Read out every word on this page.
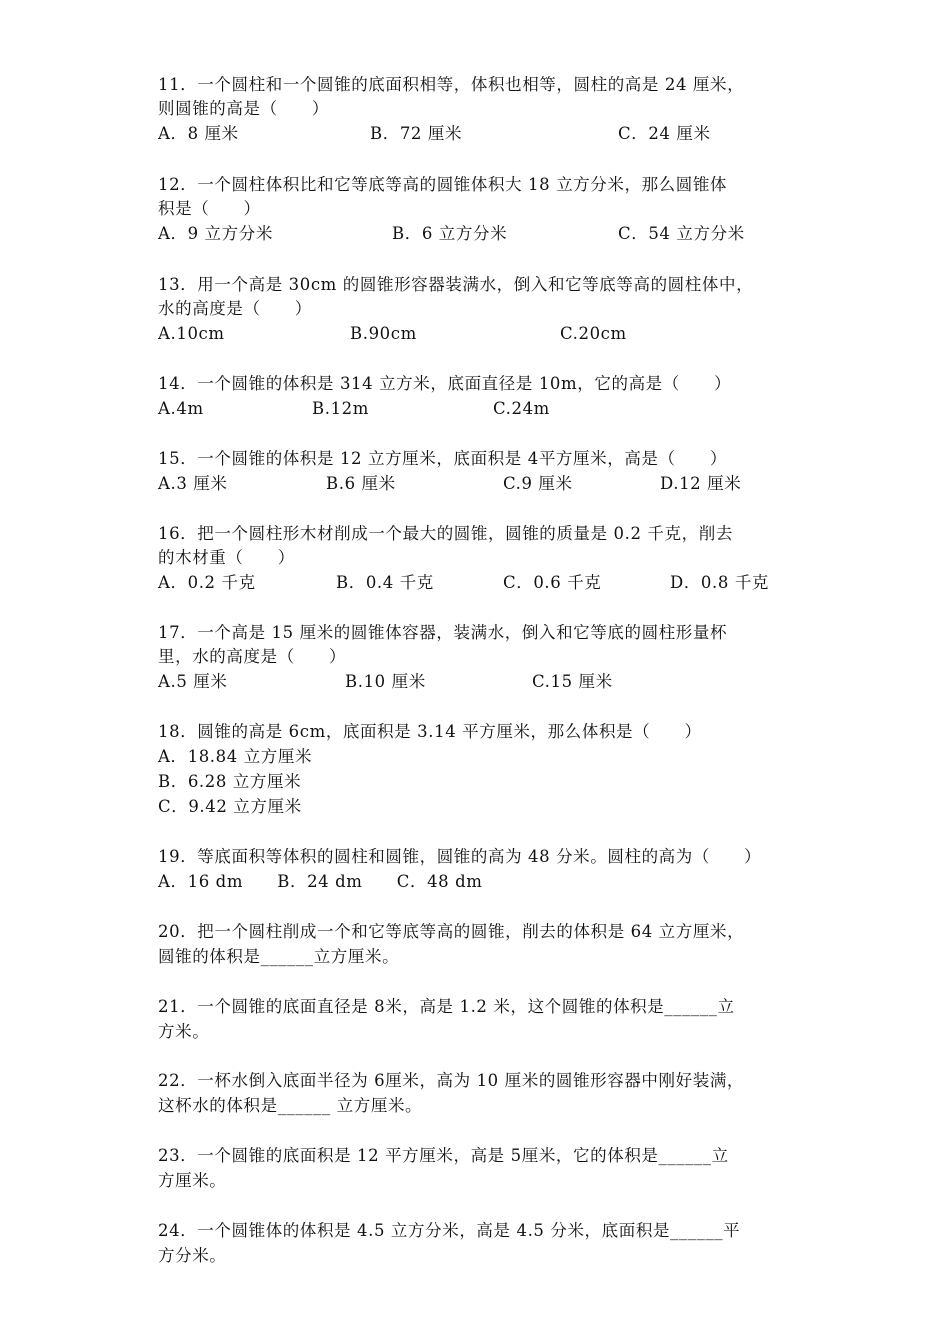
11．一个圆柱和一个圆锥的底面积相等，体积也相等，圆柱的高是 24 厘米，
则圆锥的高是（　　）
A．8 厘米	B．72 厘米	C．24 厘米
12．一个圆柱体积比和它等底等高的圆锥体积大 18 立方分米，那么圆锥体
积是（　　）
A．9 立方分米	B．6 立方分米	C．54 立方分米
13．用一个高是 30cm 的圆锥形容器装满水，倒入和它等底等高的圆柱体中，
水的高度是（　　）
A.10cm	B.90cm	C.20cm
14．一个圆锥的体积是 314 立方米，底面直径是 10m，它的高是（　　）
A.4m	B.12m	C.24m
15．一个圆锥的体积是 12 立方厘米，底面积是 4平方厘米，高是（　　）
A.3 厘米	B.6 厘米	C.9 厘米	D.12 厘米
16．把一个圆柱形木材削成一个最大的圆锥，圆锥的质量是 0.2 千克，削去
的木材重（　　）
A．0.2 千克	B．0.4 千克	C．0.6 千克	D．0.8 千克
17．一个高是 15 厘米的圆锥体容器，装满水，倒入和它等底的圆柱形量杯
里，水的高度是（　　）
A.5 厘米	B.10 厘米	C.15 厘米
18．圆锥的高是 6cm，底面积是 3.14 平方厘米，那么体积是（　　）
A．18.84 立方厘米
B．6.28 立方厘米
C．9.42 立方厘米
19．等底面积等体积的圆柱和圆锥，圆锥的高为 48 分米。圆柱的高为（　　）
A．16 dm　　B．24 dm　　C．48 dm
20．把一个圆柱削成一个和它等底等高的圆锥，削去的体积是 64 立方厘米，
圆锥的体积是______立方厘米。
21．一个圆锥的底面直径是 8米，高是 1.2 米，这个圆锥的体积是______立
方米。
22．一杯水倒入底面半径为 6厘米，高为 10 厘米的圆锥形容器中刚好装满，
这杯水的体积是______ 立方厘米。
23．一个圆锥的底面积是 12 平方厘米，高是 5厘米，它的体积是______立
方厘米。
24．一个圆锥体的体积是 4.5 立方分米，高是 4.5 分米，底面积是______平
方分米。
